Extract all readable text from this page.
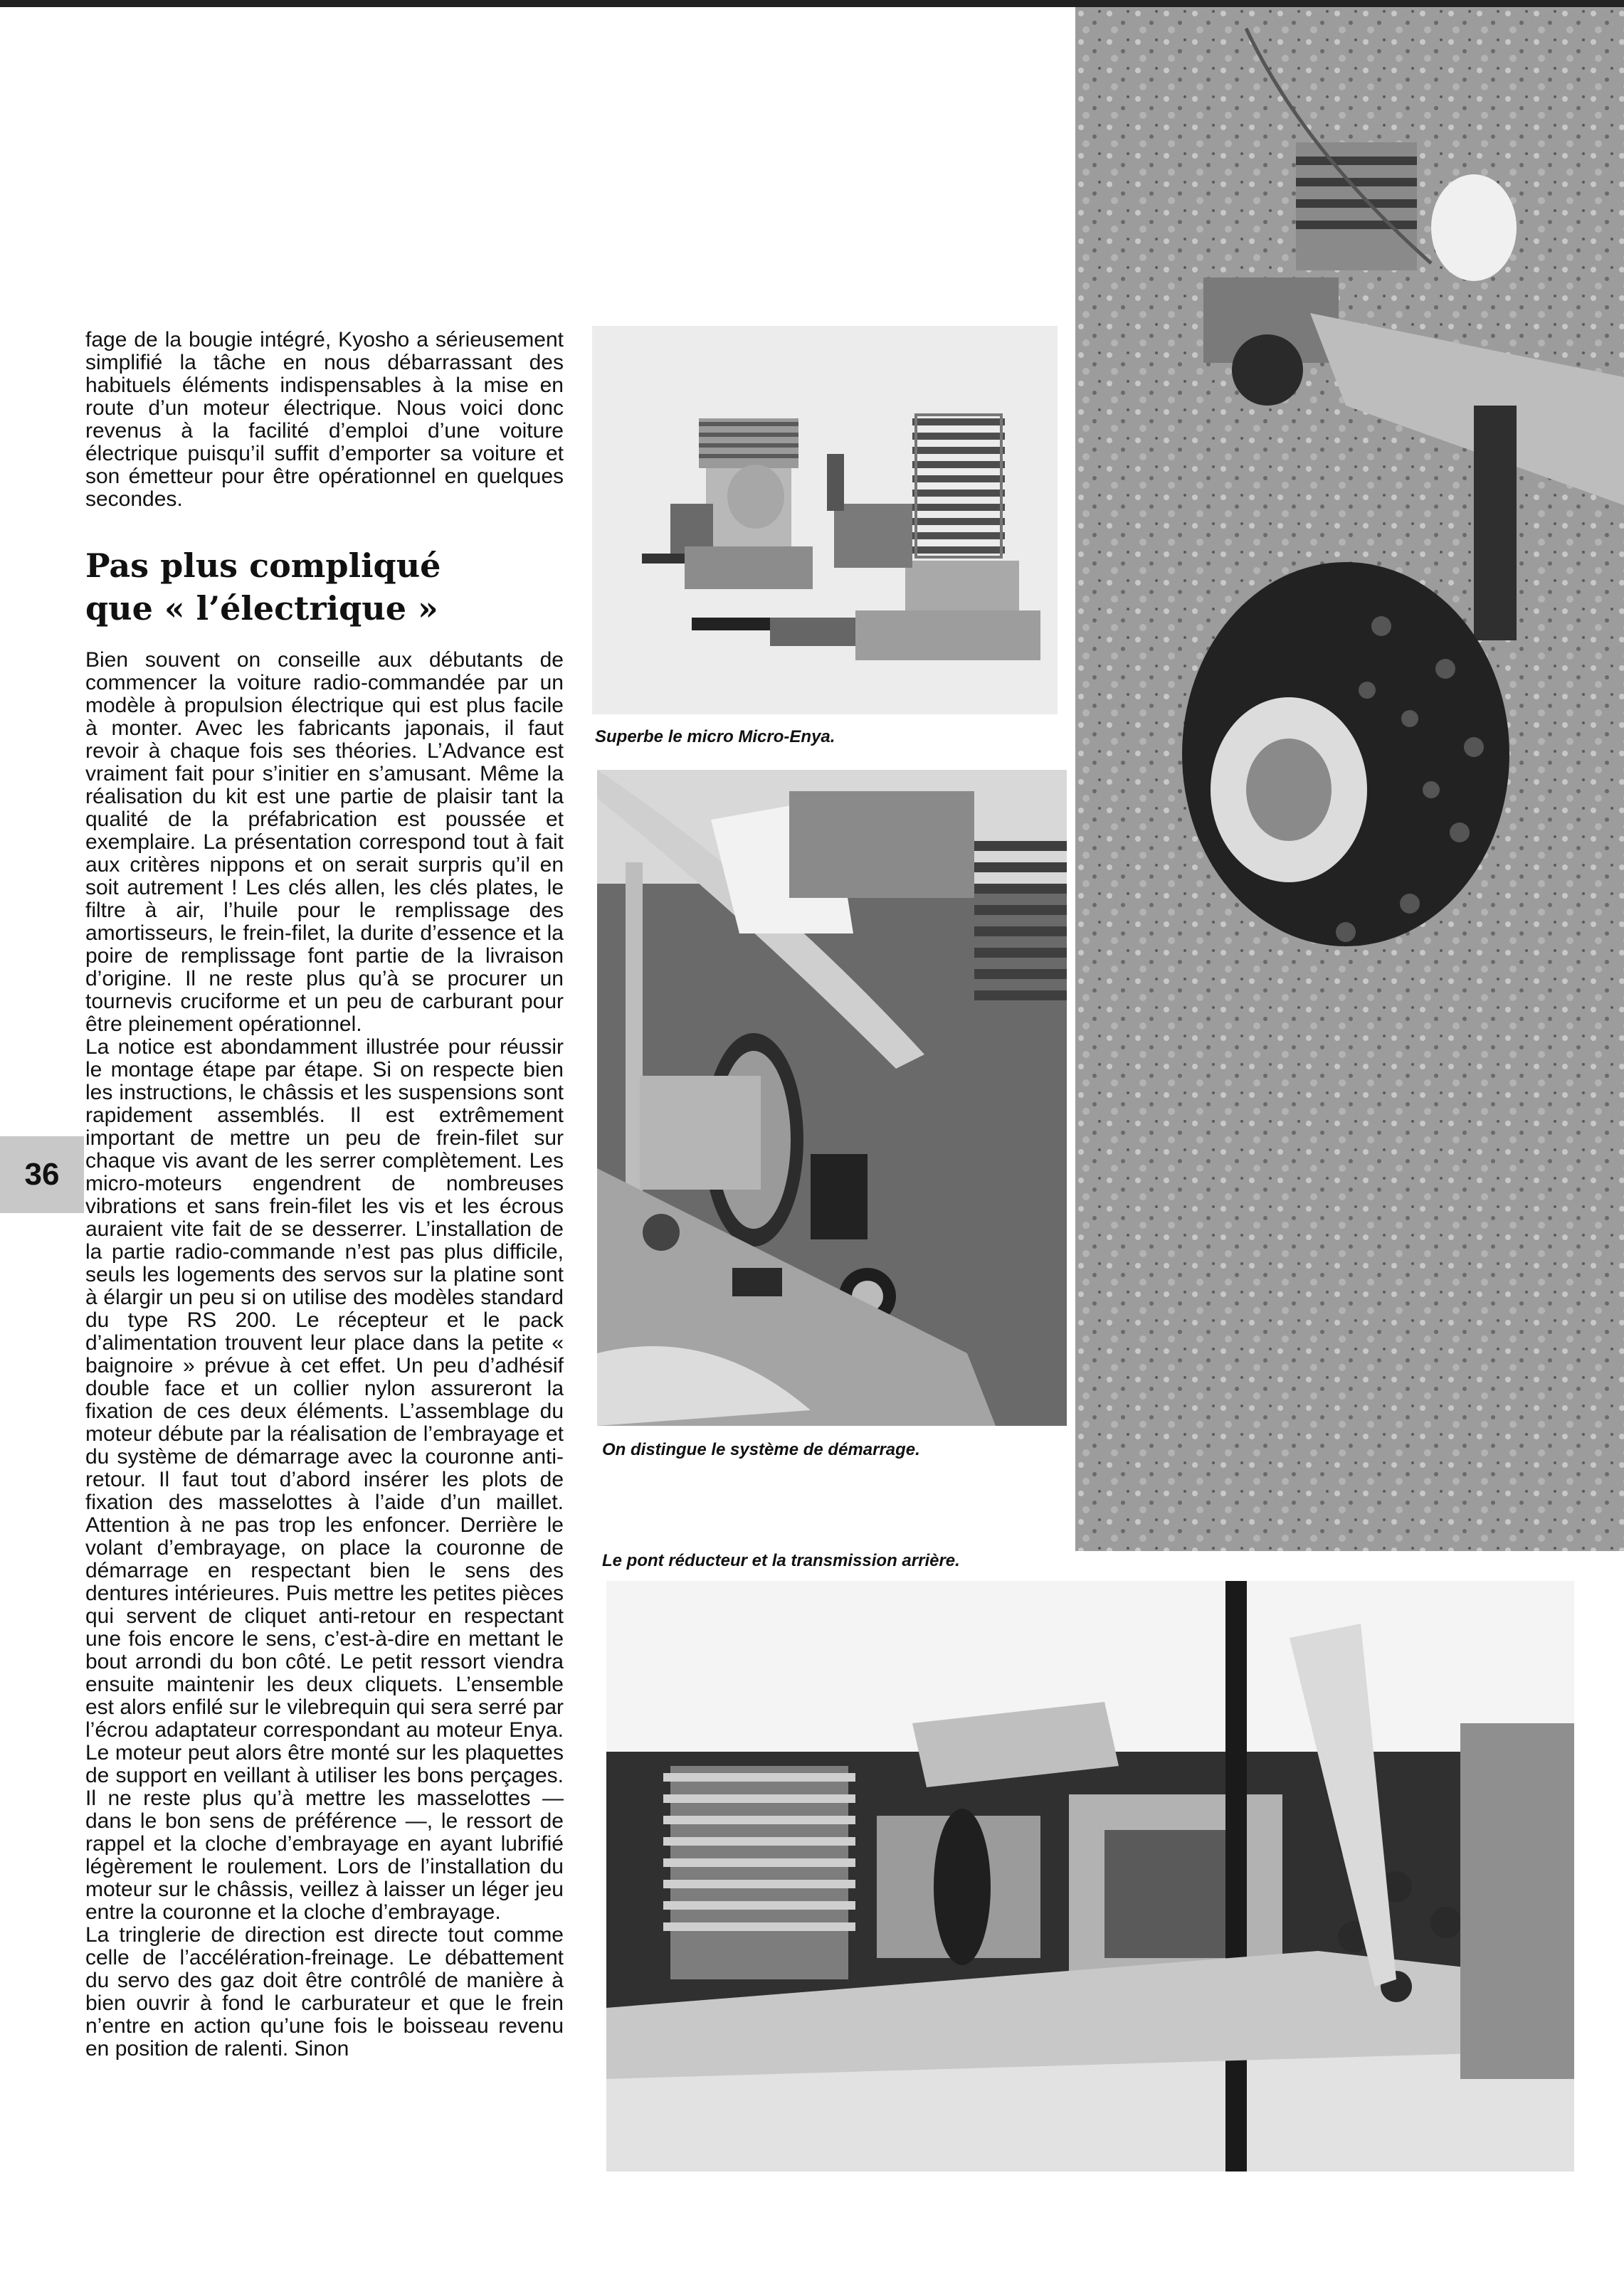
fage de la bougie intégré, Kyosho a sérieusement simplifié la tâche en nous débarrassant des habituels éléments indispensables à la mise en route d’un moteur électrique. Nous voici donc revenus à la facilité d’emploi d’une voiture électrique puisqu’il suffit d’emporter sa voiture et son émetteur pour être opérationnel en quelques secondes.

Pas plus compliqué
que « l’électrique »

Bien souvent on conseille aux débutants de commencer la voiture radio-commandée par un modèle à propulsion électrique qui est plus facile à monter. Avec les fabricants japonais, il faut revoir à chaque fois ses théories. L’Advance est vraiment fait pour s’initier en s’amusant. Même la réalisation du kit est une partie de plaisir tant la qualité de la préfabrication est poussée et exemplaire. La présentation correspond tout à fait aux critères nippons et on serait surpris qu’il en soit autrement ! Les clés allen, les clés plates, le filtre à air, l’huile pour le remplissage des amortisseurs, le frein-filet, la durite d’essence et la poire de remplissage font partie de la livraison d’origine. Il ne reste plus qu’à se procurer un tournevis cruciforme et un peu de carburant pour être pleinement opérationnel.

La notice est abondamment illustrée pour réussir le montage étape par étape. Si on respecte bien les instructions, le châssis et les suspensions sont rapidement assemblés. Il est extrêmement important de mettre un peu de frein-filet sur chaque vis avant de les serrer complètement. Les micro-moteurs engendrent de nombreuses vibrations et sans frein-filet les vis et les écrous auraient vite fait de se desserrer. L’installation de la partie radio-commande n’est pas plus difficile, seuls les logements des servos sur la platine sont à élargir un peu si on utilise des modèles standard du type RS 200. Le récepteur et le pack d’alimentation trouvent leur place dans la petite « baignoire » prévue à cet effet. Un peu d’adhésif double face et un collier nylon assureront la fixation de ces deux éléments. L’assemblage du moteur débute par la réalisation de l’embrayage et du système de démarrage avec la couronne anti-retour. Il faut tout d’abord insérer les plots de fixation des masselottes à l’aide d’un maillet. Attention à ne pas trop les enfoncer. Derrière le volant d’embrayage, on place la couronne de démarrage en respectant bien le sens des dentures intérieures. Puis mettre les petites pièces qui servent de cliquet anti-retour en respectant une fois encore le sens, c’est-à-dire en mettant le bout arrondi du bon côté. Le petit ressort viendra ensuite maintenir les deux cliquets. L’ensemble est alors enfilé sur le vilebrequin qui sera serré par l’écrou adaptateur correspondant au moteur Enya. Le moteur peut alors être monté sur les plaquettes de support en veillant à utiliser les bons perçages. Il ne reste plus qu’à mettre les masselottes — dans le bon sens de préférence —, le ressort de rappel et la cloche d’embrayage en ayant lubrifié légèrement le roulement. Lors de l’installation du moteur sur le châssis, veillez à laisser un léger jeu entre la couronne et la cloche d’embrayage.

La tringlerie de direction est directe tout comme celle de l’accélération-freinage. Le débattement du servo des gaz doit être contrôlé de manière à bien ouvrir à fond le carburateur et que le frein n’entre en action qu’une fois le boisseau revenu en position de ralenti. Sinon

36
Superbe le micro Micro-Enya.
On distingue le système de démarrage.
Le pont réducteur et la transmission arrière.
